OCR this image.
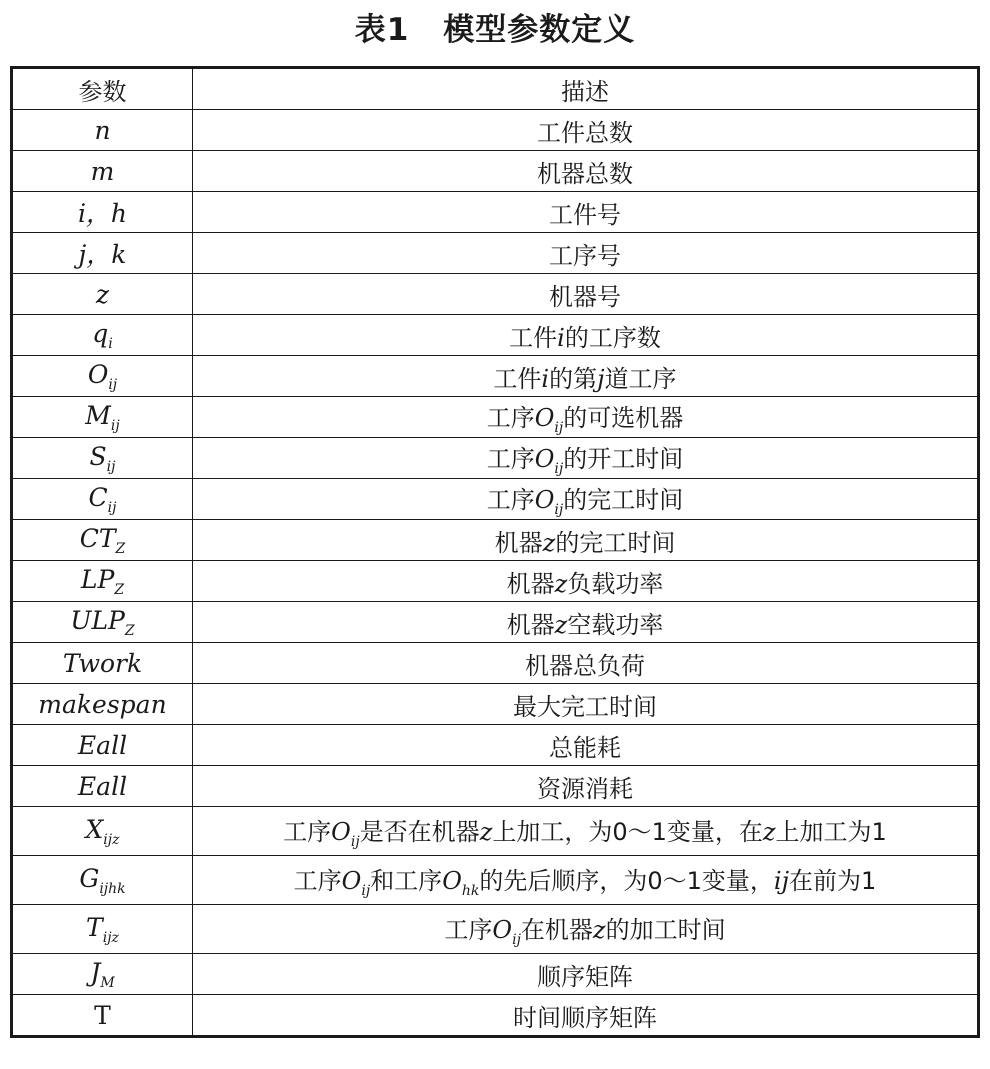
表1 模型参数定义
参数	描述
n	工件总数
m	机器总数
i，h	工件号
j，k	工序号
z	机器号
$q_i$	工件i的工序数
$O_{ij}$	工件i的第j道工序
$M_{ij}$	工序$O_{ij}$的可选机器
$S_{ij}$	工序$O_{ij}$的开工时间
$C_{ij}$	工序$O_{ij}$的完工时间
$CT_Z$	机器z的完工时间
$LP_Z$	机器z负载功率
$ULP_Z$	机器z空载功率
Twork	机器总负荷
makespan	最大完工时间
Eall	总能耗
Eall	资源消耗
$X_{ijz}$	工序$O_{ij}$是否在机器z上加工，为0～1变量，在z上加工为1
$G_{ijhk}$	工序$O_{ij}$和工序$O_{hk}$的先后顺序，为0～1变量，ij在前为1
$T_{ijz}$	工序$O_{ij}$在机器z的加工时间
$J_M$	顺序矩阵
T	时间顺序矩阵
